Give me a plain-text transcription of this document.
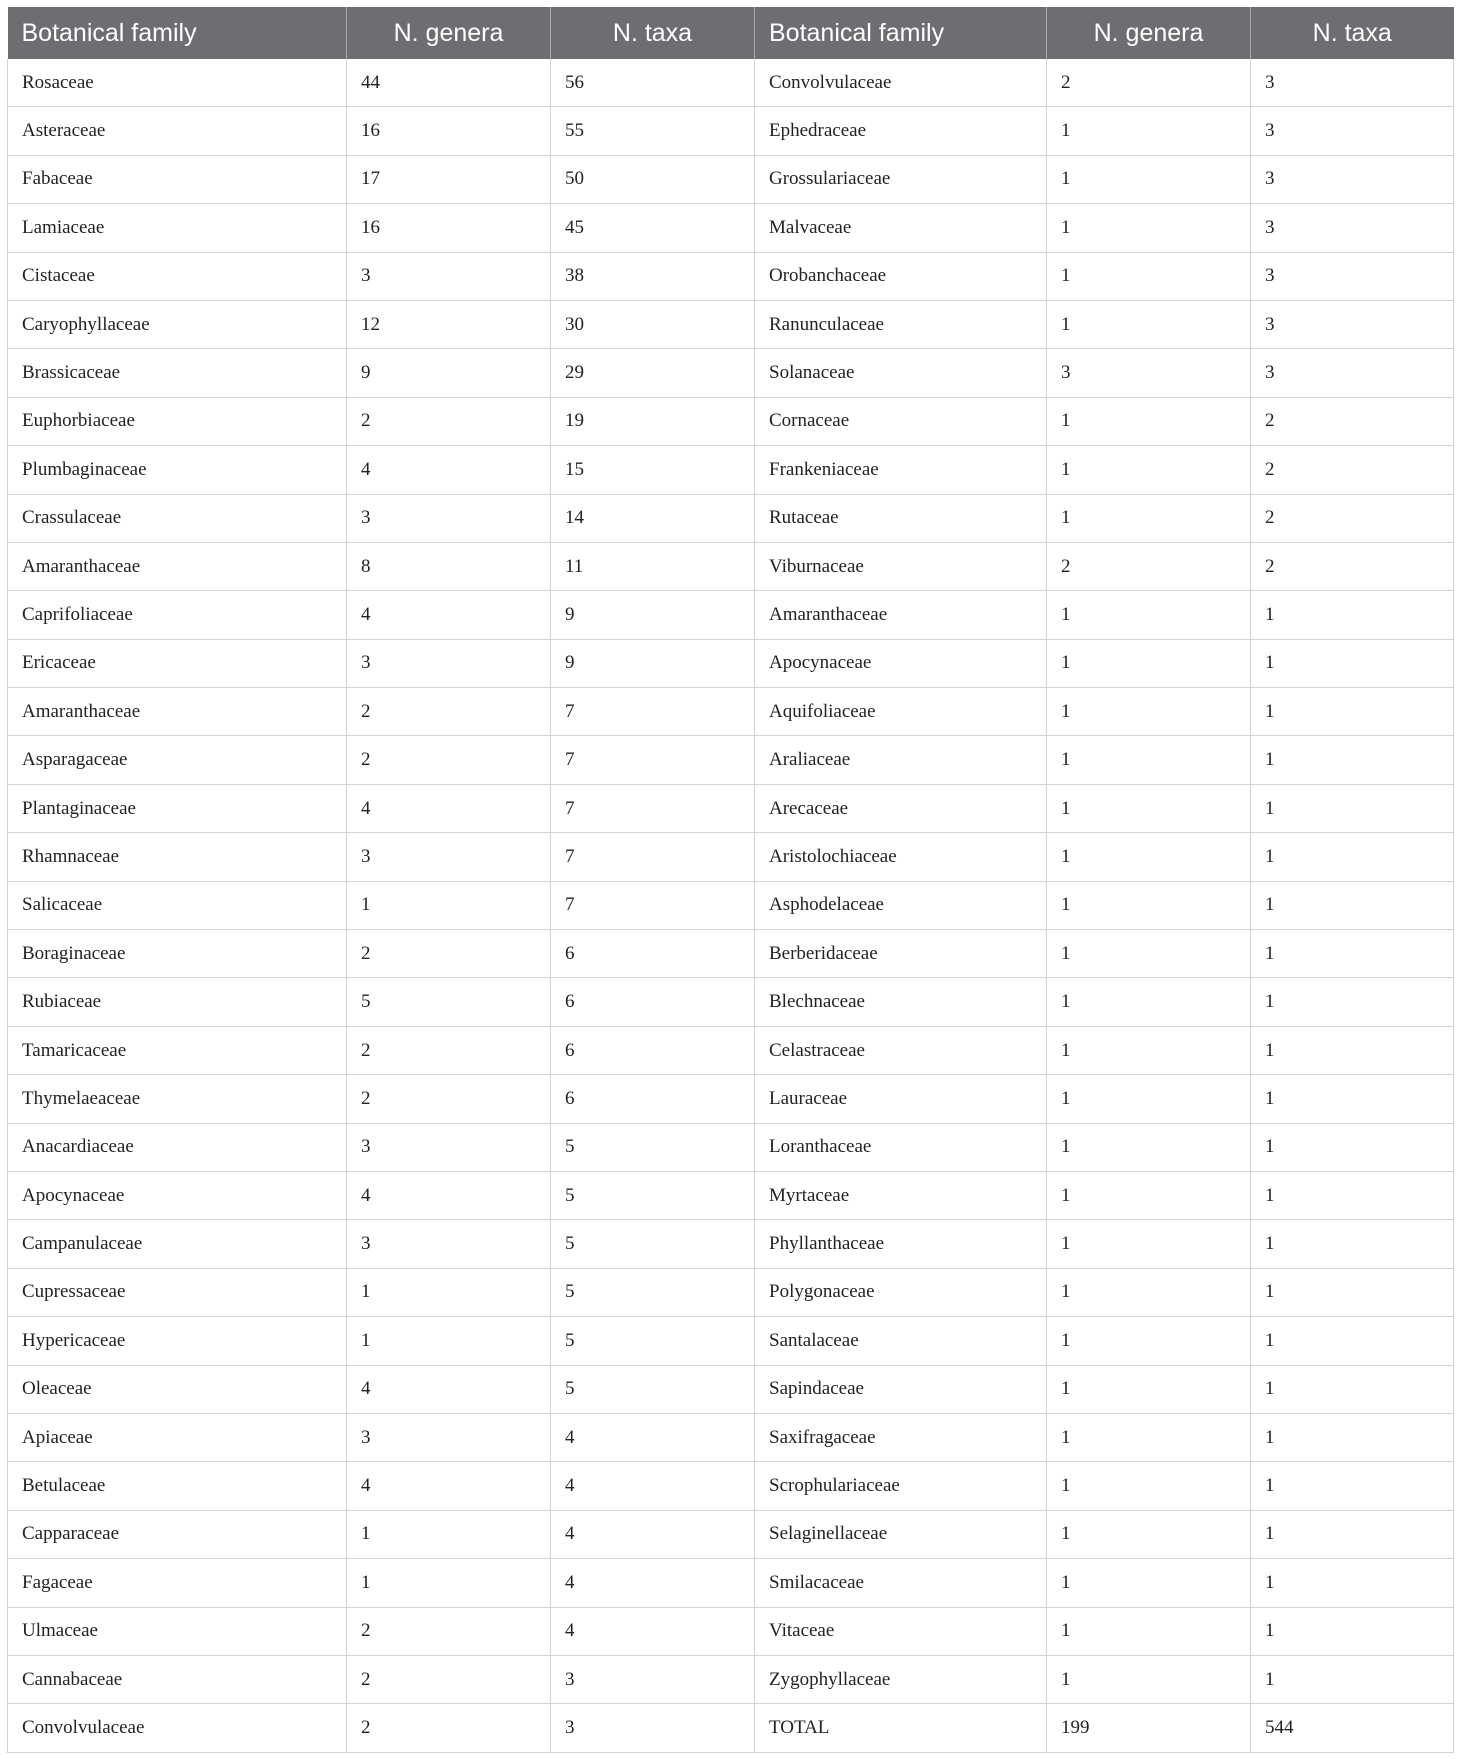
Botanical family	N. genera	N. taxa	Botanical family	N. genera	N. taxa
Rosaceae	44	56	Convolvulaceae	2	3
Asteraceae	16	55	Ephedraceae	1	3
Fabaceae	17	50	Grossulariaceae	1	3
Lamiaceae	16	45	Malvaceae	1	3
Cistaceae	3	38	Orobanchaceae	1	3
Caryophyllaceae	12	30	Ranunculaceae	1	3
Brassicaceae	9	29	Solanaceae	3	3
Euphorbiaceae	2	19	Cornaceae	1	2
Plumbaginaceae	4	15	Frankeniaceae	1	2
Crassulaceae	3	14	Rutaceae	1	2
Amaranthaceae	8	11	Viburnaceae	2	2
Caprifoliaceae	4	9	Amaranthaceae	1	1
Ericaceae	3	9	Apocynaceae	1	1
Amaranthaceae	2	7	Aquifoliaceae	1	1
Asparagaceae	2	7	Araliaceae	1	1
Plantaginaceae	4	7	Arecaceae	1	1
Rhamnaceae	3	7	Aristolochiaceae	1	1
Salicaceae	1	7	Asphodelaceae	1	1
Boraginaceae	2	6	Berberidaceae	1	1
Rubiaceae	5	6	Blechnaceae	1	1
Tamaricaceae	2	6	Celastraceae	1	1
Thymelaeaceae	2	6	Lauraceae	1	1
Anacardiaceae	3	5	Loranthaceae	1	1
Apocynaceae	4	5	Myrtaceae	1	1
Campanulaceae	3	5	Phyllanthaceae	1	1
Cupressaceae	1	5	Polygonaceae	1	1
Hypericaceae	1	5	Santalaceae	1	1
Oleaceae	4	5	Sapindaceae	1	1
Apiaceae	3	4	Saxifragaceae	1	1
Betulaceae	4	4	Scrophulariaceae	1	1
Capparaceae	1	4	Selaginellaceae	1	1
Fagaceae	1	4	Smilacaceae	1	1
Ulmaceae	2	4	Vitaceae	1	1
Cannabaceae	2	3	Zygophyllaceae	1	1
Convolvulaceae	2	3	TOTAL	199	544
